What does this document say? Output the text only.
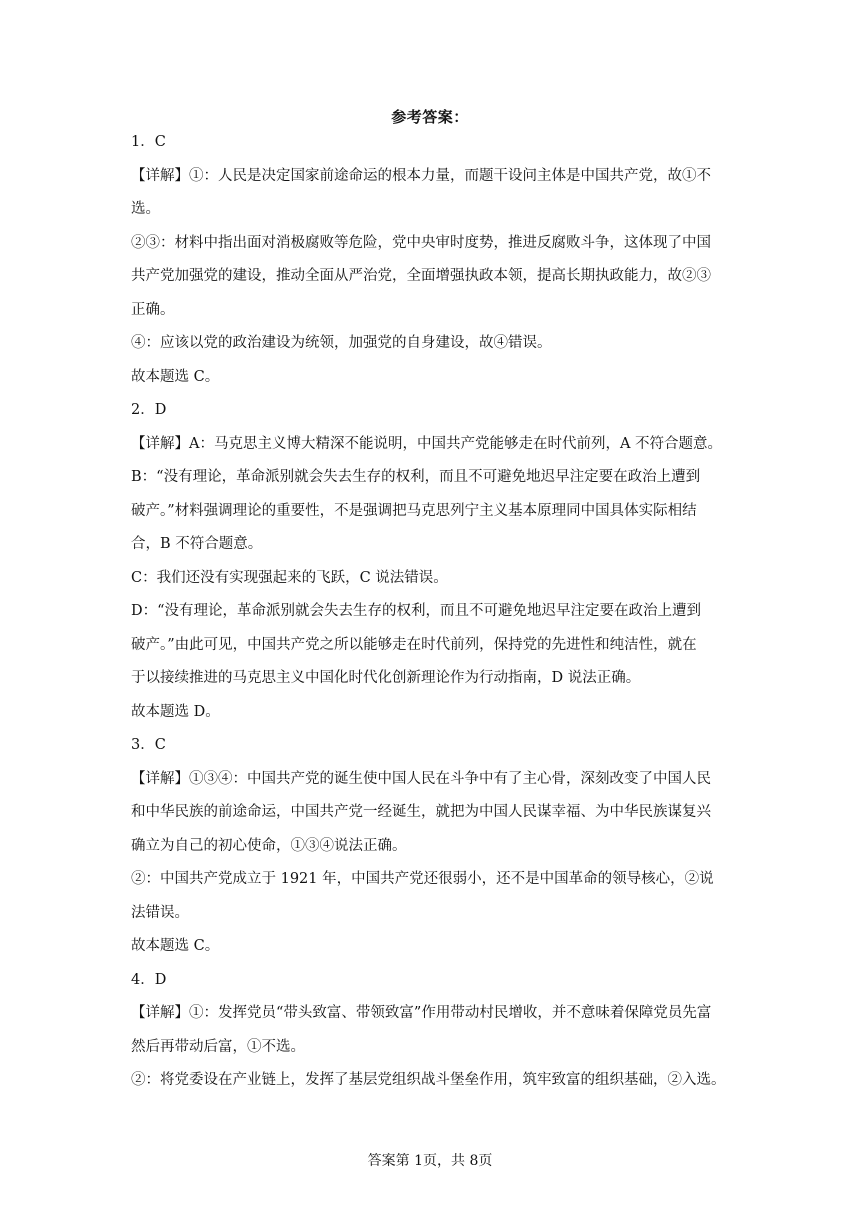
参考答案：

1．C

【详解】①：人民是决定国家前途命运的根本力量，而题干设问主体是中国共产党，故①不

选。

②③：材料中指出面对消极腐败等危险，党中央审时度势，推进反腐败斗争，这体现了中国

共产党加强党的建设，推动全面从严治党，全面增强执政本领，提高长期执政能力，故②③

正确。

④：应该以党的政治建设为统领，加强党的自身建设，故④错误。

故本题选 C。

2．D

【详解】A：马克思主义博大精深不能说明，中国共产党能够走在时代前列，A 不符合题意。

B：“没有理论，革命派别就会失去生存的权利，而且不可避免地迟早注定要在政治上遭到

破产。”材料强调理论的重要性，不是强调把马克思列宁主义基本原理同中国具体实际相结

合，B 不符合题意。

C：我们还没有实现强起来的飞跃，C 说法错误。

D：“没有理论，革命派别就会失去生存的权利，而且不可避免地迟早注定要在政治上遭到

破产。”由此可见，中国共产党之所以能够走在时代前列，保持党的先进性和纯洁性，就在

于以接续推进的马克思主义中国化时代化创新理论作为行动指南，D 说法正确。

故本题选 D。

3．C

【详解】①③④：中国共产党的诞生使中国人民在斗争中有了主心骨，深刻改变了中国人民

和中华民族的前途命运，中国共产党一经诞生，就把为中国人民谋幸福、为中华民族谋复兴

确立为自己的初心使命，①③④说法正确。

②：中国共产党成立于 1921 年，中国共产党还很弱小，还不是中国革命的领导核心，②说

法错误。

故本题选 C。

4．D

【详解】①：发挥党员“带头致富、带领致富”作用带动村民增收，并不意味着保障党员先富

然后再带动后富，①不选。

②：将党委设在产业链上，发挥了基层党组织战斗堡垒作用，筑牢致富的组织基础，②入选。

答案第 1页，共 8页
